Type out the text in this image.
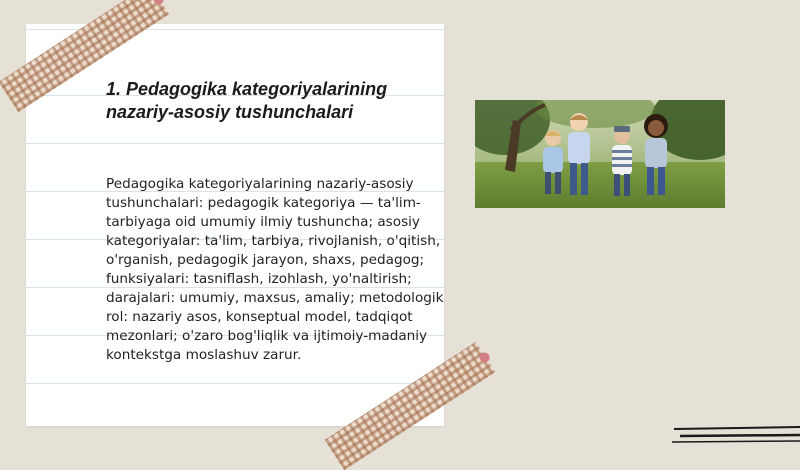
1. Pedagogika kategoriyalarining nazariy-asosiy tushunchalari

Pedagogika kategoriyalarining nazariy-asosiy tushunchalari: pedagogik kategoriya — ta'lim-tarbiyaga oid umumiy ilmiy tushuncha; asosiy kategoriyalar: ta'lim, tarbiya, rivojlanish, o'qitish, o'rganish, pedagogik jarayon, shaxs, pedagog; funksiyalari: tasniflash, izohlash, yo'naltirish; darajalari: umumiy, maxsus, amaliy; metodologik rol: nazariy asos, konseptual model, tadqiqot mezonlari; o'zaro bog'liqlik va ijtimoiy-madaniy kontekstga moslashuv zarur.
